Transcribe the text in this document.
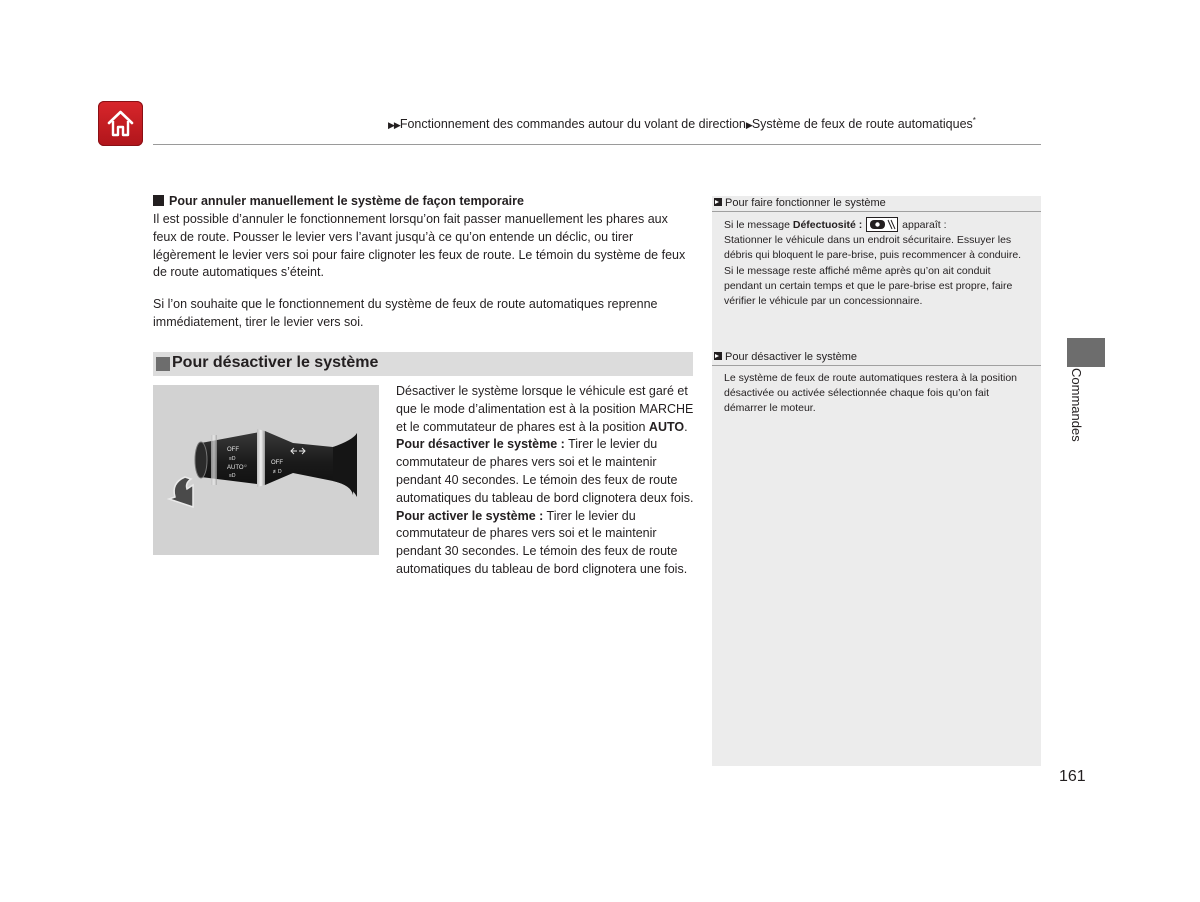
▶▶Fonctionnement des commandes autour du volant de direction▶Système de feux de route automatiques*
Pour annuler manuellement le système de façon temporaire
Il est possible d’annuler le fonctionnement lorsqu’on fait passer manuellement les phares aux feux de route. Pousser le levier vers l’avant jusqu’à ce qu’on entende un déclic, ou tirer légèrement le levier vers soi pour faire clignoter les feux de route. Le témoin du système de feux de route automatiques s’éteint.
Si l’on souhaite que le fonctionnement du système de feux de route automatiques reprenne immédiatement, tirer le levier vers soi.
Pour désactiver le système
OFF
AUTO
OFF
≡D
☼
≡D
≢D

Désactiver le système lorsque le véhicule est garé et que le mode d’alimentation est à la position MARCHE et le commutateur de phares est à la position AUTO.

Pour désactiver le système : Tirer le levier du commutateur de phares vers soi et le maintenir pendant 40 secondes. Le témoin des feux de route automatiques du tableau de bord clignotera deux fois.

Pour activer le système : Tirer le levier du commutateur de phares vers soi et le maintenir pendant 30 secondes. Le témoin des feux de route automatiques du tableau de bord clignotera une fois.

Pour faire fonctionner le système
Si le message Défectuosité :	apparaît :
Stationner le véhicule dans un endroit sécuritaire. Essuyer les débris qui bloquent le pare-brise, puis recommencer à conduire. Si le message reste affiché même après qu’on ait conduit pendant un certain temps et que le pare-brise est propre, faire vérifier le véhicule par un concessionnaire.
Pour désactiver le système
Le système de feux de route automatiques restera à la position désactivée ou activée sélectionnée chaque fois qu’on fait démarrer le moteur.	Commandes
161
